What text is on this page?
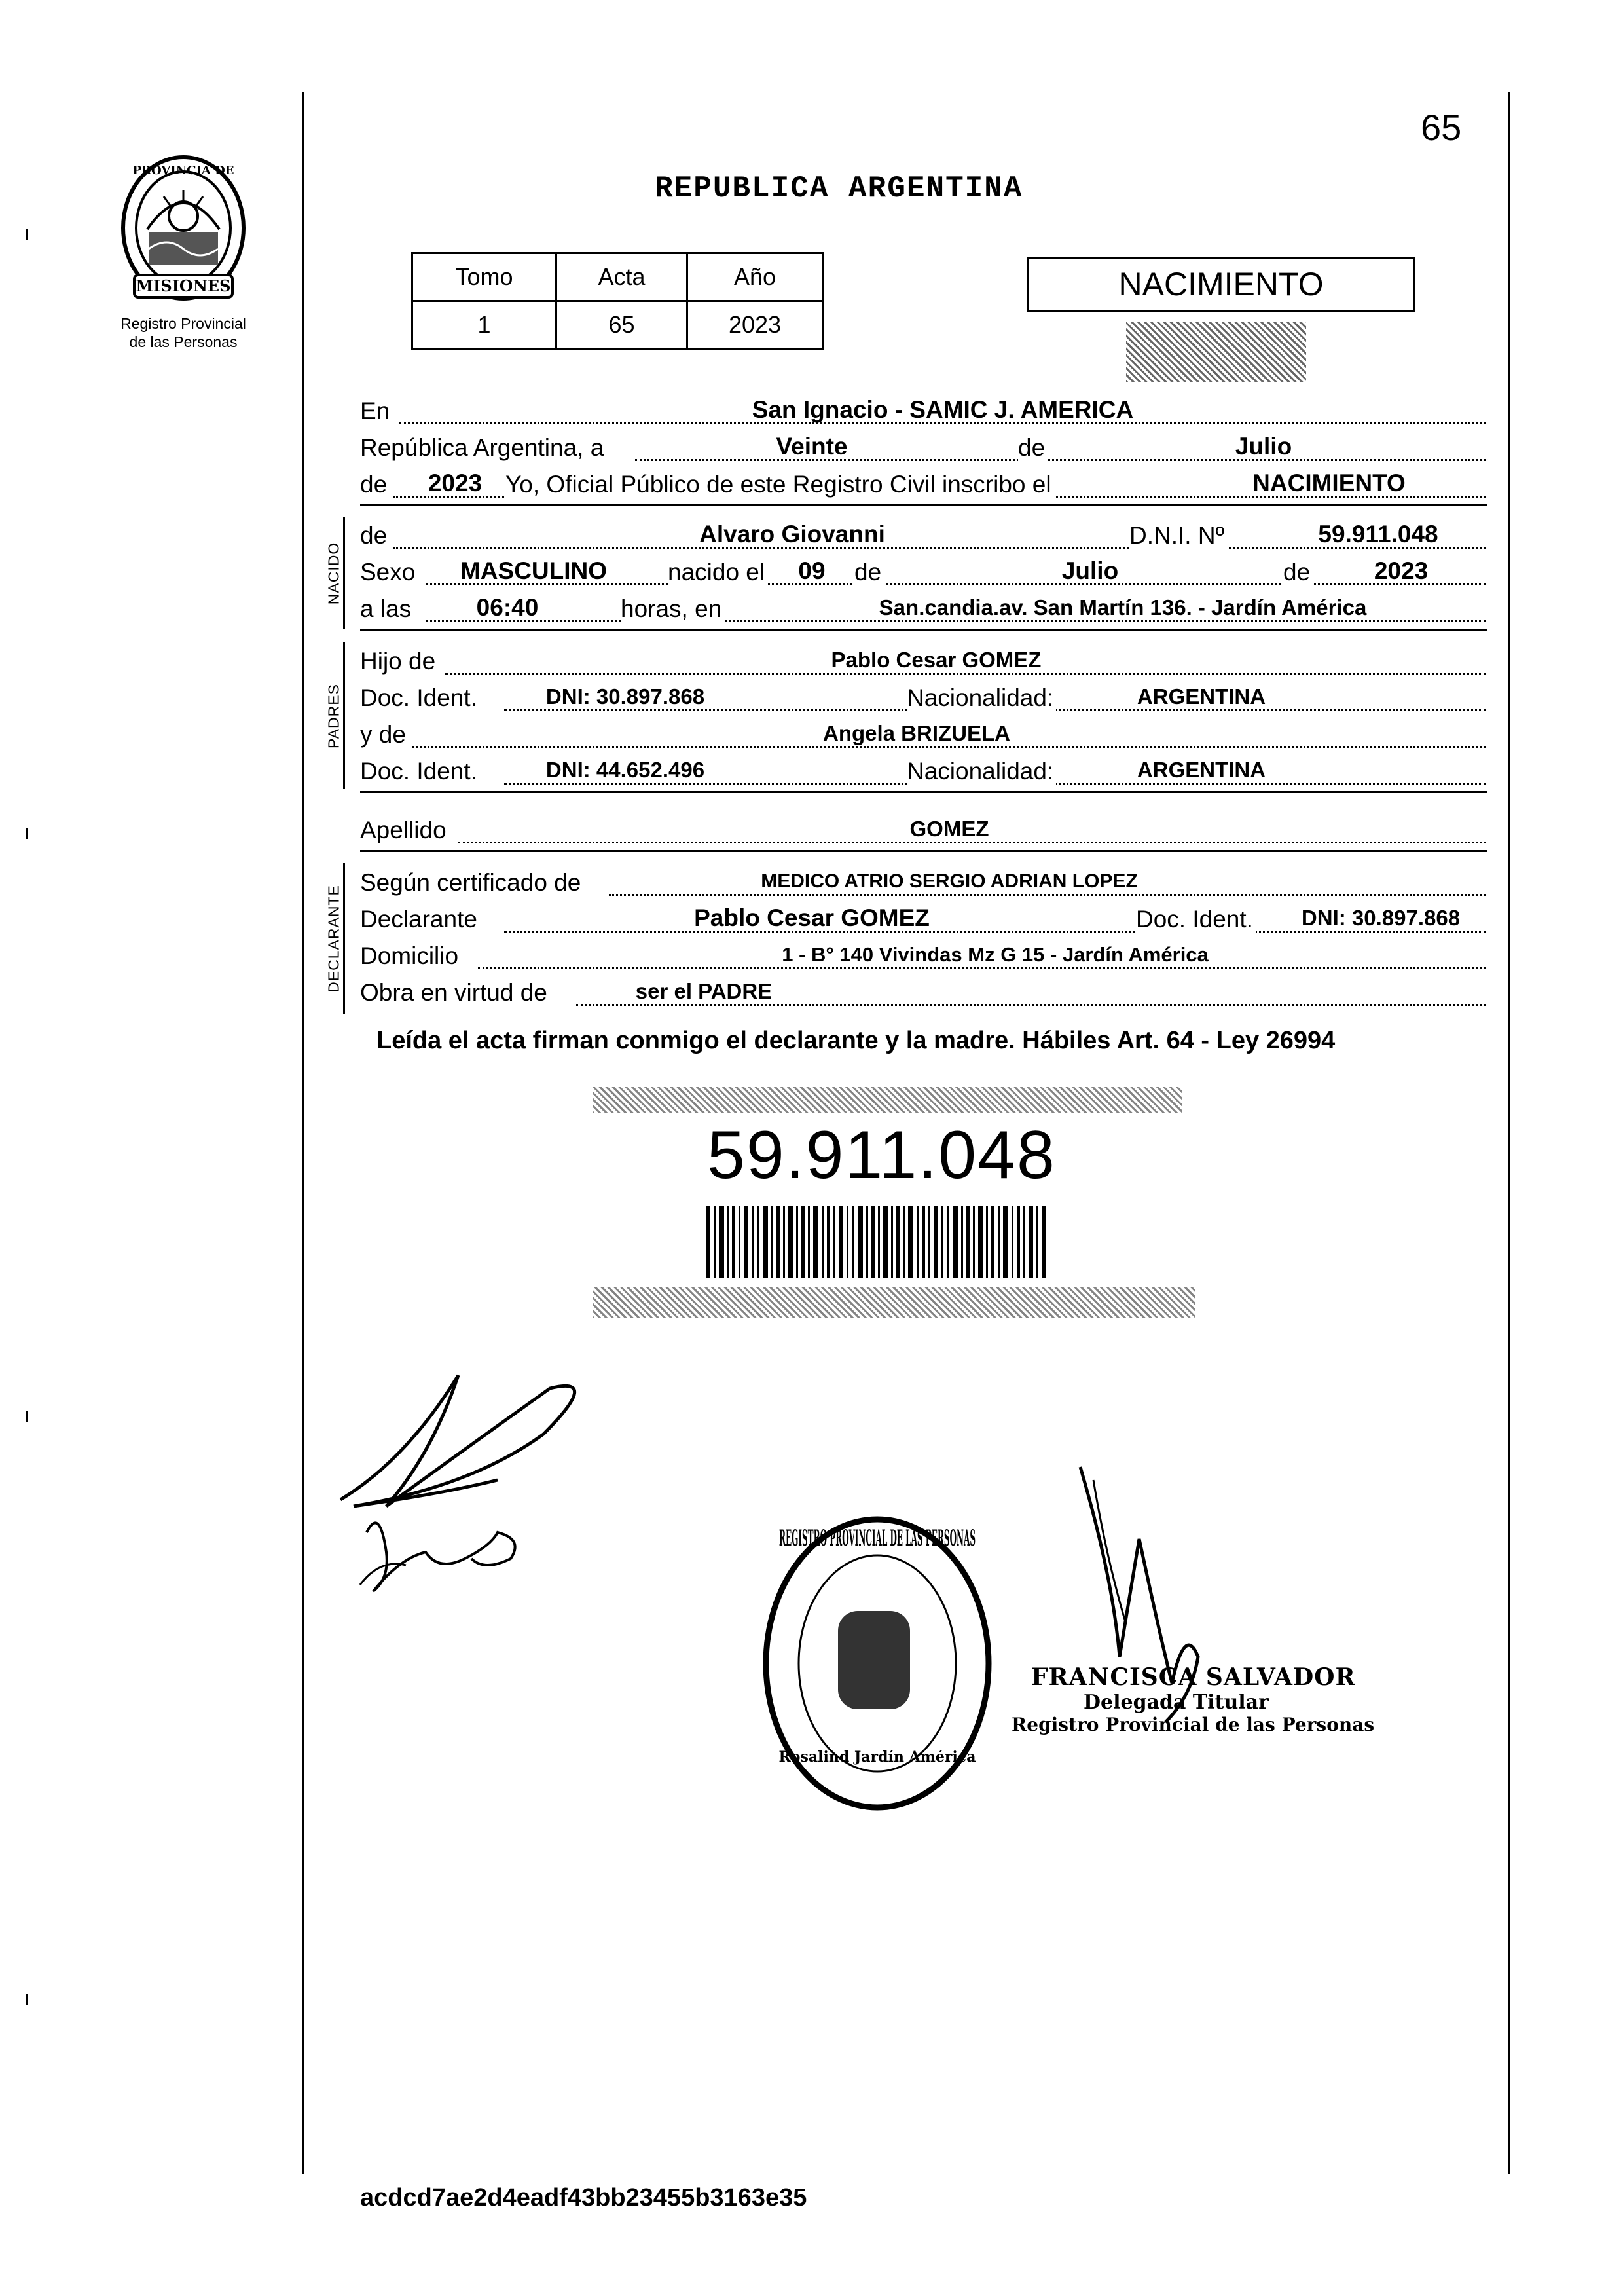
MISIONES
PROVINCIA DE
Registro Provincial
de las Personas
65
REPUBLICA ARGENTINA
Tomo	Acta	Año
1	65	2023
NACIMIENTO
En	San Ignacio - SAMIC J. AMERICA
República Argentina, a	Veinte	de	Julio
de	2023 Yo, Oficial Público de este Registro Civil inscribo el	NACIMIENTO
NACIDO
de	Alvaro Giovanni	D.N.I. Nº	59.911.048
Sexo	MASCULINO	nacido el	09	de	Julio	de	2023
a las	06:40	horas, en	San.candia.av. San Martín 136. - Jardín América
PADRES
Hijo de	Pablo Cesar GOMEZ
Doc. Ident.	DNI: 30.897.868	Nacionalidad:	ARGENTINA
y de	Angela BRIZUELA
Doc. Ident.	DNI: 44.652.496	Nacionalidad:	ARGENTINA
Apellido	GOMEZ
DECLARANTE
Según certificado de	MEDICO ATRIO SERGIO ADRIAN LOPEZ
Declarante	Pablo Cesar GOMEZ	Doc. Ident.	DNI: 30.897.868
Domicilio	1 - B° 140 Vivindas Mz G 15 - Jardín América
Obra en virtud de	ser el PADRE
Leída el acta firman conmigo el declarante y la madre. Hábiles Art. 64 - Ley 26994
59.911.048
REGISTRO PROVINCIAL DE LAS PERSONAS
Rosalind Jardín América
FRANCISCA SALVADOR
Delegada Titular
Registro Provincial de las Personas
acdcd7ae2d4eadf43bb23455b3163e35
